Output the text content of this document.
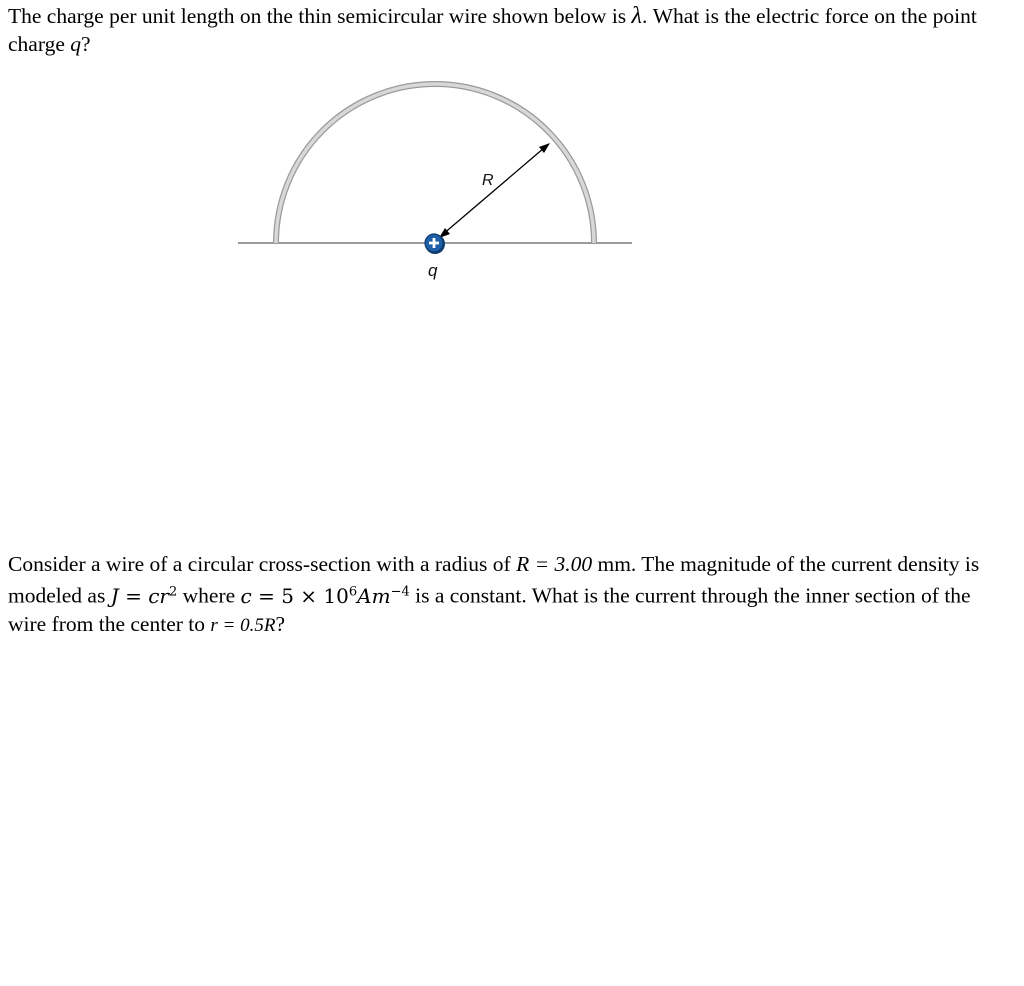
The charge per unit length on the thin semicircular wire shown below is λ. What is the electric force on the point charge q?
R
q
Consider a wire of a circular cross-section with a radius of R = 3.00 mm. The magnitude of the current density is modeled as $J = cr^2$ where $c = 5 \times 10^6Am^{-4}$ is a constant. What is the current through the inner section of the wire from the center to r = 0.5R?
